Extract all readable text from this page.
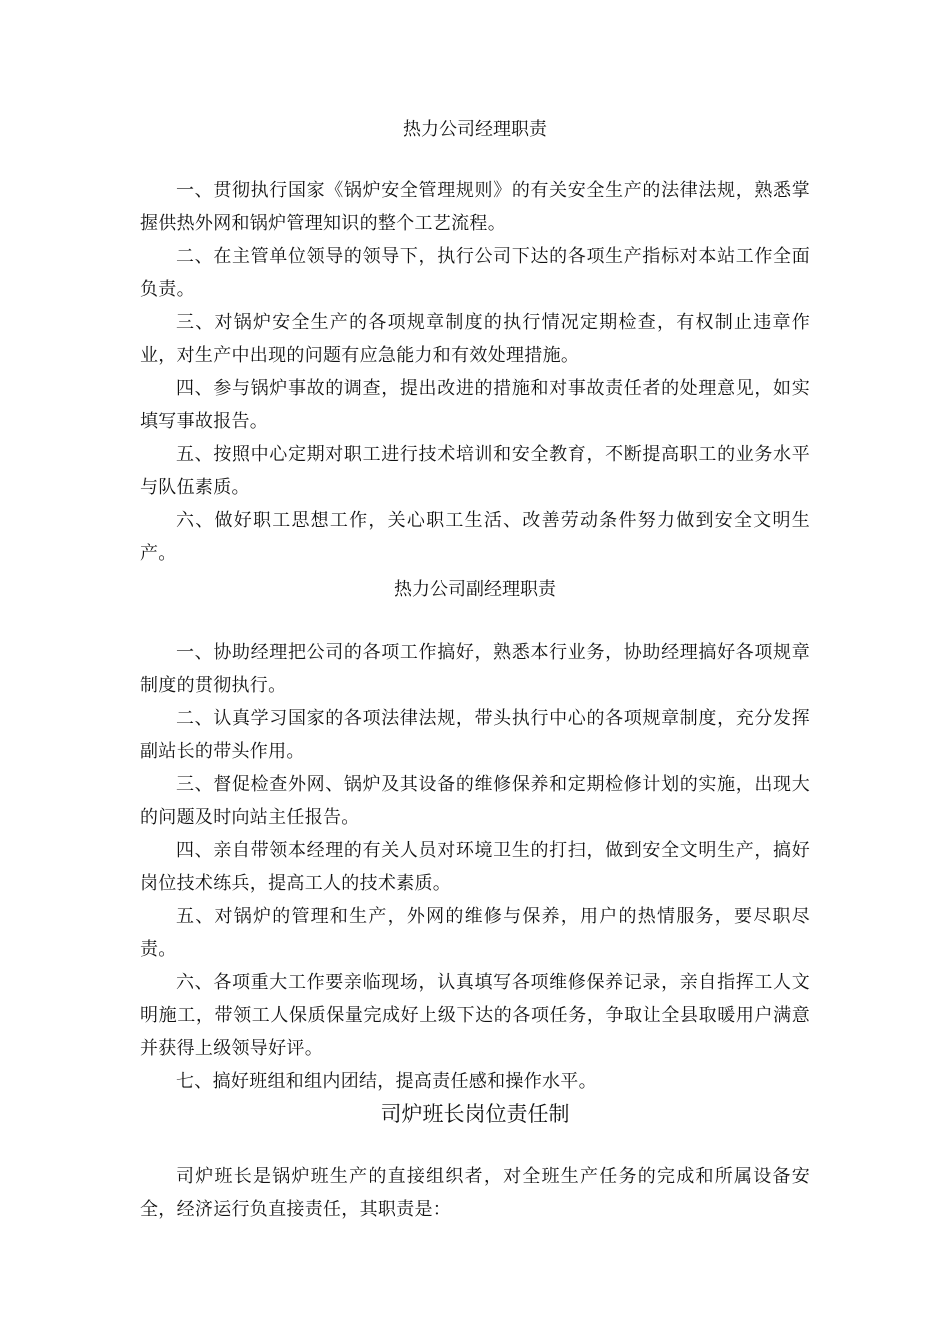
热力公司经理职责

一、贯彻执行国家《锅炉安全管理规则》的有关安全生产的法律法规，熟悉掌握供热外网和锅炉管理知识的整个工艺流程。

二、在主管单位领导的领导下，执行公司下达的各项生产指标对本站工作全面负责。

三、对锅炉安全生产的各项规章制度的执行情况定期检查，有权制止违章作业，对生产中出现的问题有应急能力和有效处理措施。

四、参与锅炉事故的调查，提出改进的措施和对事故责任者的处理意见，如实填写事故报告。

五、按照中心定期对职工进行技术培训和安全教育，不断提高职工的业务水平与队伍素质。

六、做好职工思想工作，关心职工生活、改善劳动条件努力做到安全文明生产。

热力公司副经理职责

一、协助经理把公司的各项工作搞好，熟悉本行业务，协助经理搞好各项规章制度的贯彻执行。

二、认真学习国家的各项法律法规，带头执行中心的各项规章制度，充分发挥副站长的带头作用。

三、督促检查外网、锅炉及其设备的维修保养和定期检修计划的实施，出现大的问题及时向站主任报告。

四、亲自带领本经理的有关人员对环境卫生的打扫，做到安全文明生产，搞好岗位技术练兵，提高工人的技术素质。

五、对锅炉的管理和生产，外网的维修与保养，用户的热情服务，要尽职尽责。

六、各项重大工作要亲临现场，认真填写各项维修保养记录，亲自指挥工人文明施工，带领工人保质保量完成好上级下达的各项任务，争取让全县取暖用户满意并获得上级领导好评。

七、搞好班组和组内团结，提高责任感和操作水平。

司炉班长岗位责任制

司炉班长是锅炉班生产的直接组织者，对全班生产任务的完成和所属设备安全，经济运行负直接责任，其职责是：
